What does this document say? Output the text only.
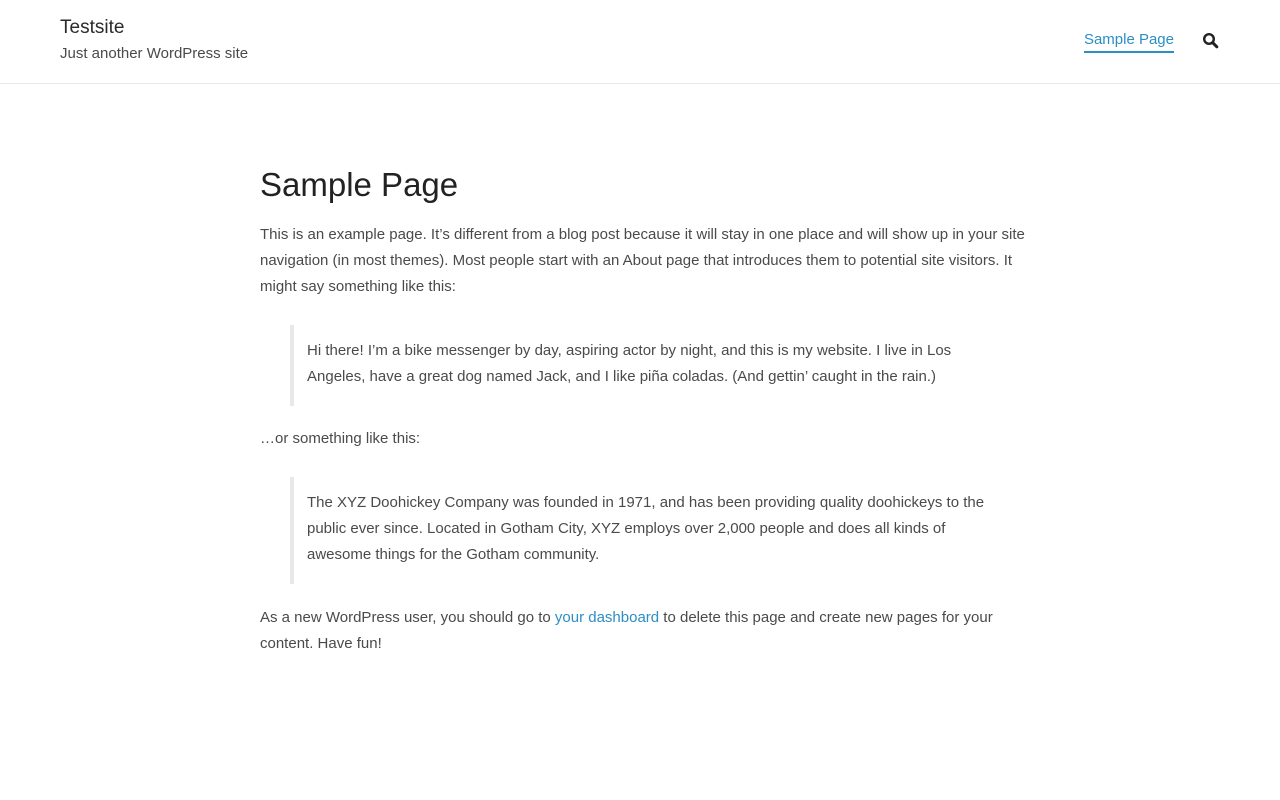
Testsite
Just another WordPress site
Sample Page
Sample Page

This is an example page. It’s different from a blog post because it will stay in one place and will show up in your site navigation (in most themes). Most people start with an About page that introduces them to potential site visitors. It might say something like this:

Hi there! I’m a bike messenger by day, aspiring actor by night, and this is my website. I live in Los Angeles, have a great dog named Jack, and I like piña coladas. (And gettin’ caught in the rain.)

…or something like this:

The XYZ Doohickey Company was founded in 1971, and has been providing quality doohickeys to the public ever since. Located in Gotham City, XYZ employs over 2,000 people and does all kinds of awesome things for the Gotham community.

As a new WordPress user, you should go to your dashboard to delete this page and create new pages for your content. Have fun!
